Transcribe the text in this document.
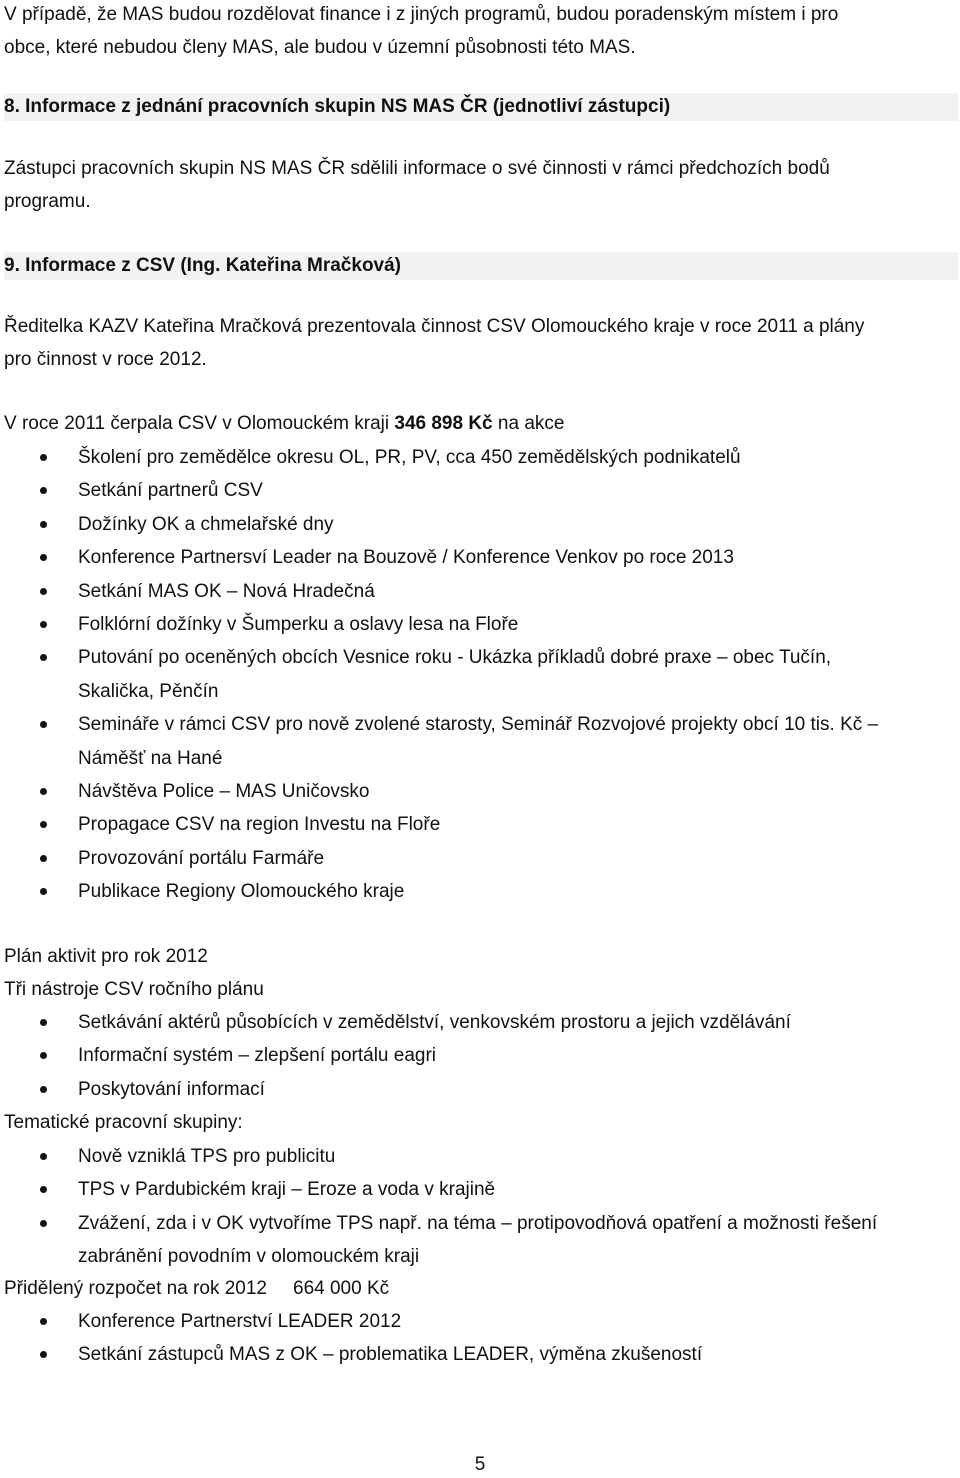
V případě, že MAS budou rozdělovat finance i z jiných programů, budou poradenským místem i pro
obce, které nebudou členy MAS, ale budou v územní působnosti této MAS.
8. Informace z jednání pracovních skupin NS MAS ČR (jednotliví zástupci)
Zástupci pracovních skupin NS MAS ČR sdělili informace o své činnosti v rámci předchozích bodů
programu.
9. Informace z CSV (Ing. Kateřina Mračková)
Ředitelka KAZV Kateřina Mračková prezentovala činnost CSV Olomouckého kraje v roce 2011 a plány
pro činnost v roce 2012.
V roce 2011 čerpala CSV v Olomouckém kraji 346 898 Kč na akce
Školení pro zemědělce okresu OL, PR, PV, cca 450 zemědělských podnikatelů
Setkání partnerů CSV
Dožínky OK a chmelařské dny
Konference Partnersví Leader na Bouzově / Konference Venkov po roce 2013
Setkání MAS OK – Nová Hradečná
Folklórní dožínky v Šumperku a oslavy lesa na Floře
Putování po oceněných obcích Vesnice roku - Ukázka příkladů dobré praxe – obec Tučín,
Skalička, Pěnčín
Semináře v rámci CSV pro nově zvolené starosty, Seminář Rozvojové projekty obcí 10 tis. Kč –
Náměšť na Hané
Návštěva Police – MAS Uničovsko
Propagace CSV na region Investu na Floře
Provozování portálu Farmáře
Publikace Regiony Olomouckého kraje
Plán aktivit pro rok 2012
Tři nástroje CSV ročního plánu
Setkávání aktérů působících v zemědělství, venkovském prostoru a jejich vzdělávání
Informační systém – zlepšení portálu eagri
Poskytování informací
Tematické pracovní skupiny:
Nově vzniklá TPS pro publicitu
TPS v Pardubickém kraji – Eroze a voda v krajině
Zvážení, zda i v OK vytvoříme TPS např. na téma – protipovodňová opatření a možnosti řešení
zabránění povodním v olomouckém kraji
Přidělený rozpočet na rok 2012 664 000 Kč
Konference Partnerství LEADER 2012
Setkání zástupců MAS z OK – problematika LEADER, výměna zkušeností
5
